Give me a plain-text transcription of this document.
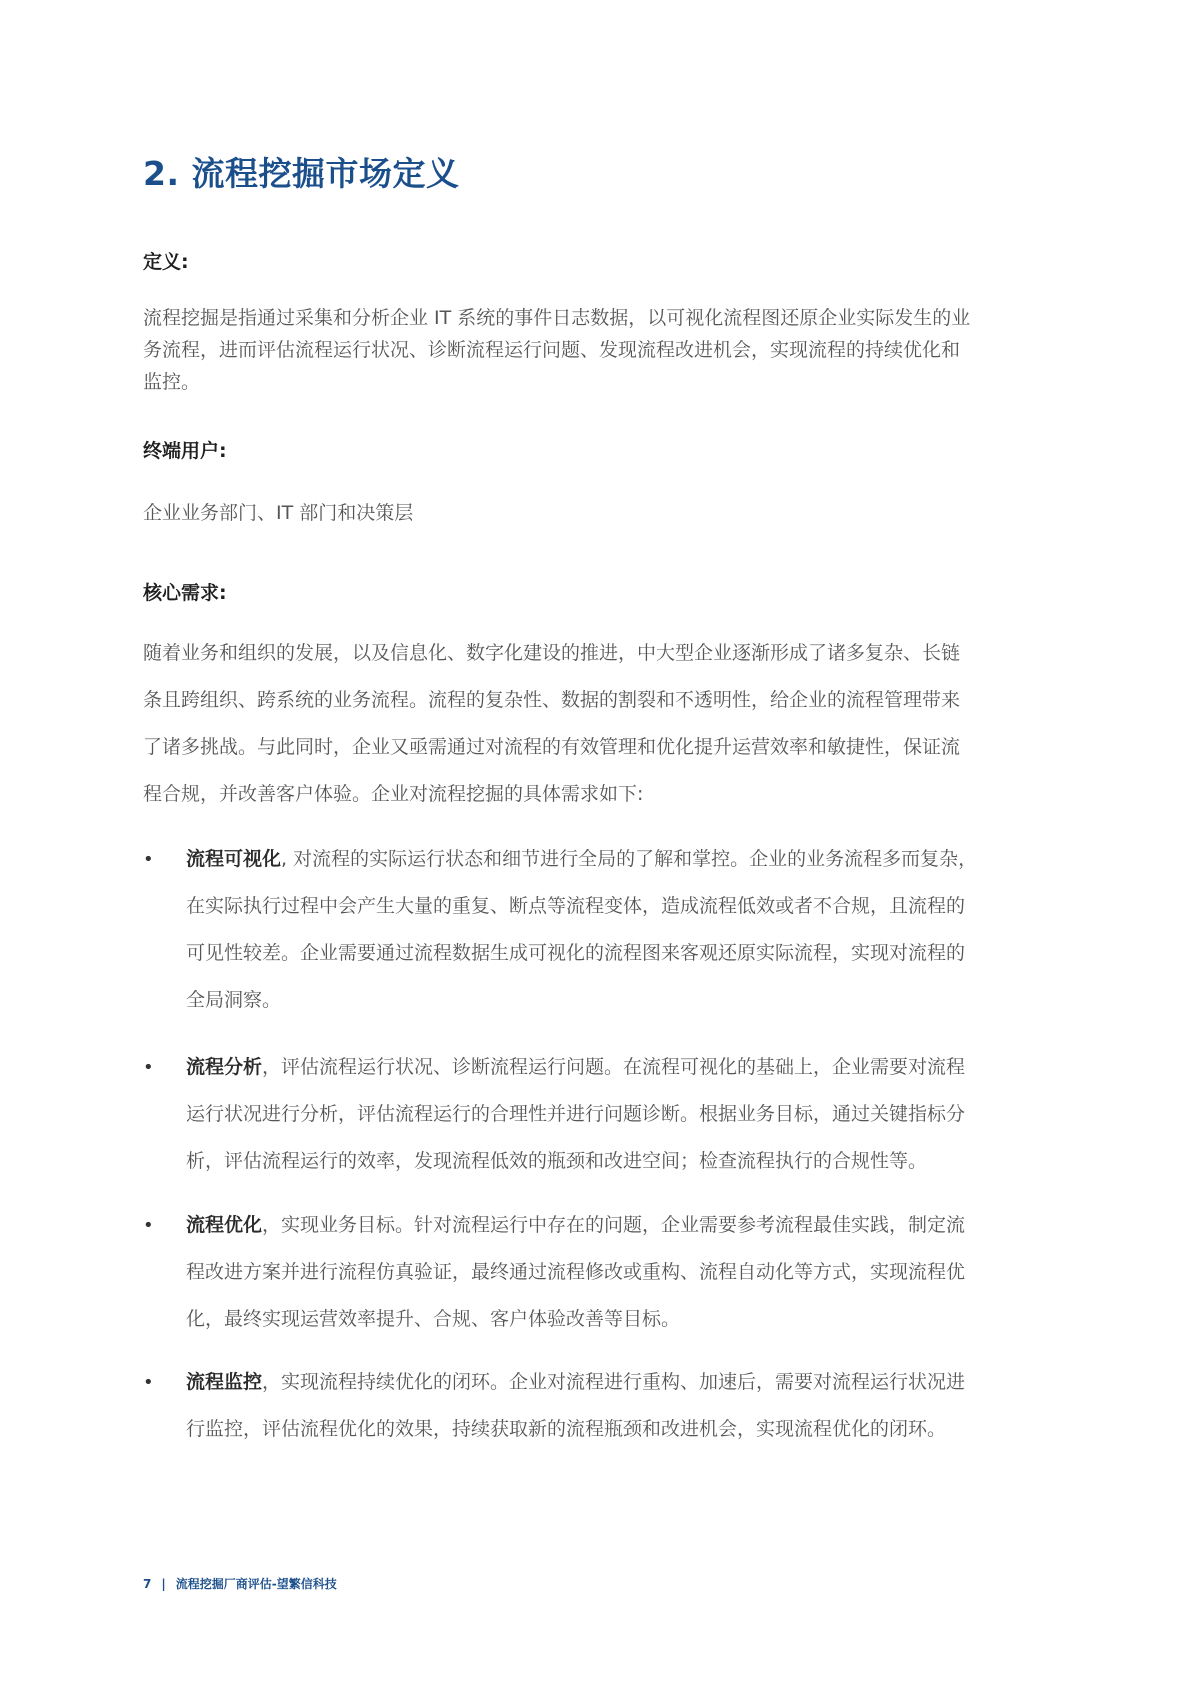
2. 流程挖掘市场定义
定义:
流程挖掘是指通过采集和分析企业 IT 系统的事件日志数据，以可视化流程图还原企业实际发生的业
务流程，进而评估流程运行状况、诊断流程运行问题、发现流程改进机会，实现流程的持续优化和
监控。
终端用户:
企业业务部门、IT 部门和决策层
核心需求:
随着业务和组织的发展，以及信息化、数字化建设的推进，中大型企业逐渐形成了诸多复杂、长链
条且跨组织、跨系统的业务流程。流程的复杂性、数据的割裂和不透明性，给企业的流程管理带来
了诸多挑战。与此同时，企业又亟需通过对流程的有效管理和优化提升运营效率和敏捷性，保证流
程合规，并改善客户体验。企业对流程挖掘的具体需求如下:
•	流程可视化, 对流程的实际运行状态和细节进行全局的了解和掌控。企业的业务流程多而复杂，
在实际执行过程中会产生大量的重复、断点等流程变体，造成流程低效或者不合规，且流程的
可见性较差。企业需要通过流程数据生成可视化的流程图来客观还原实际流程，实现对流程的
全局洞察。
•	流程分析，评估流程运行状况、诊断流程运行问题。在流程可视化的基础上，企业需要对流程
运行状况进行分析，评估流程运行的合理性并进行问题诊断。根据业务目标，通过关键指标分
析，评估流程运行的效率，发现流程低效的瓶颈和改进空间；检查流程执行的合规性等。
•	流程优化，实现业务目标。针对流程运行中存在的问题，企业需要参考流程最佳实践，制定流
程改进方案并进行流程仿真验证，最终通过流程修改或重构、流程自动化等方式，实现流程优
化，最终实现运营效率提升、合规、客户体验改善等目标。
•	流程监控，实现流程持续优化的闭环。企业对流程进行重构、加速后，需要对流程运行状况进
行监控，评估流程优化的效果，持续获取新的流程瓶颈和改进机会，实现流程优化的闭环。
7 | 流程挖掘厂商评估-望繁信科技
